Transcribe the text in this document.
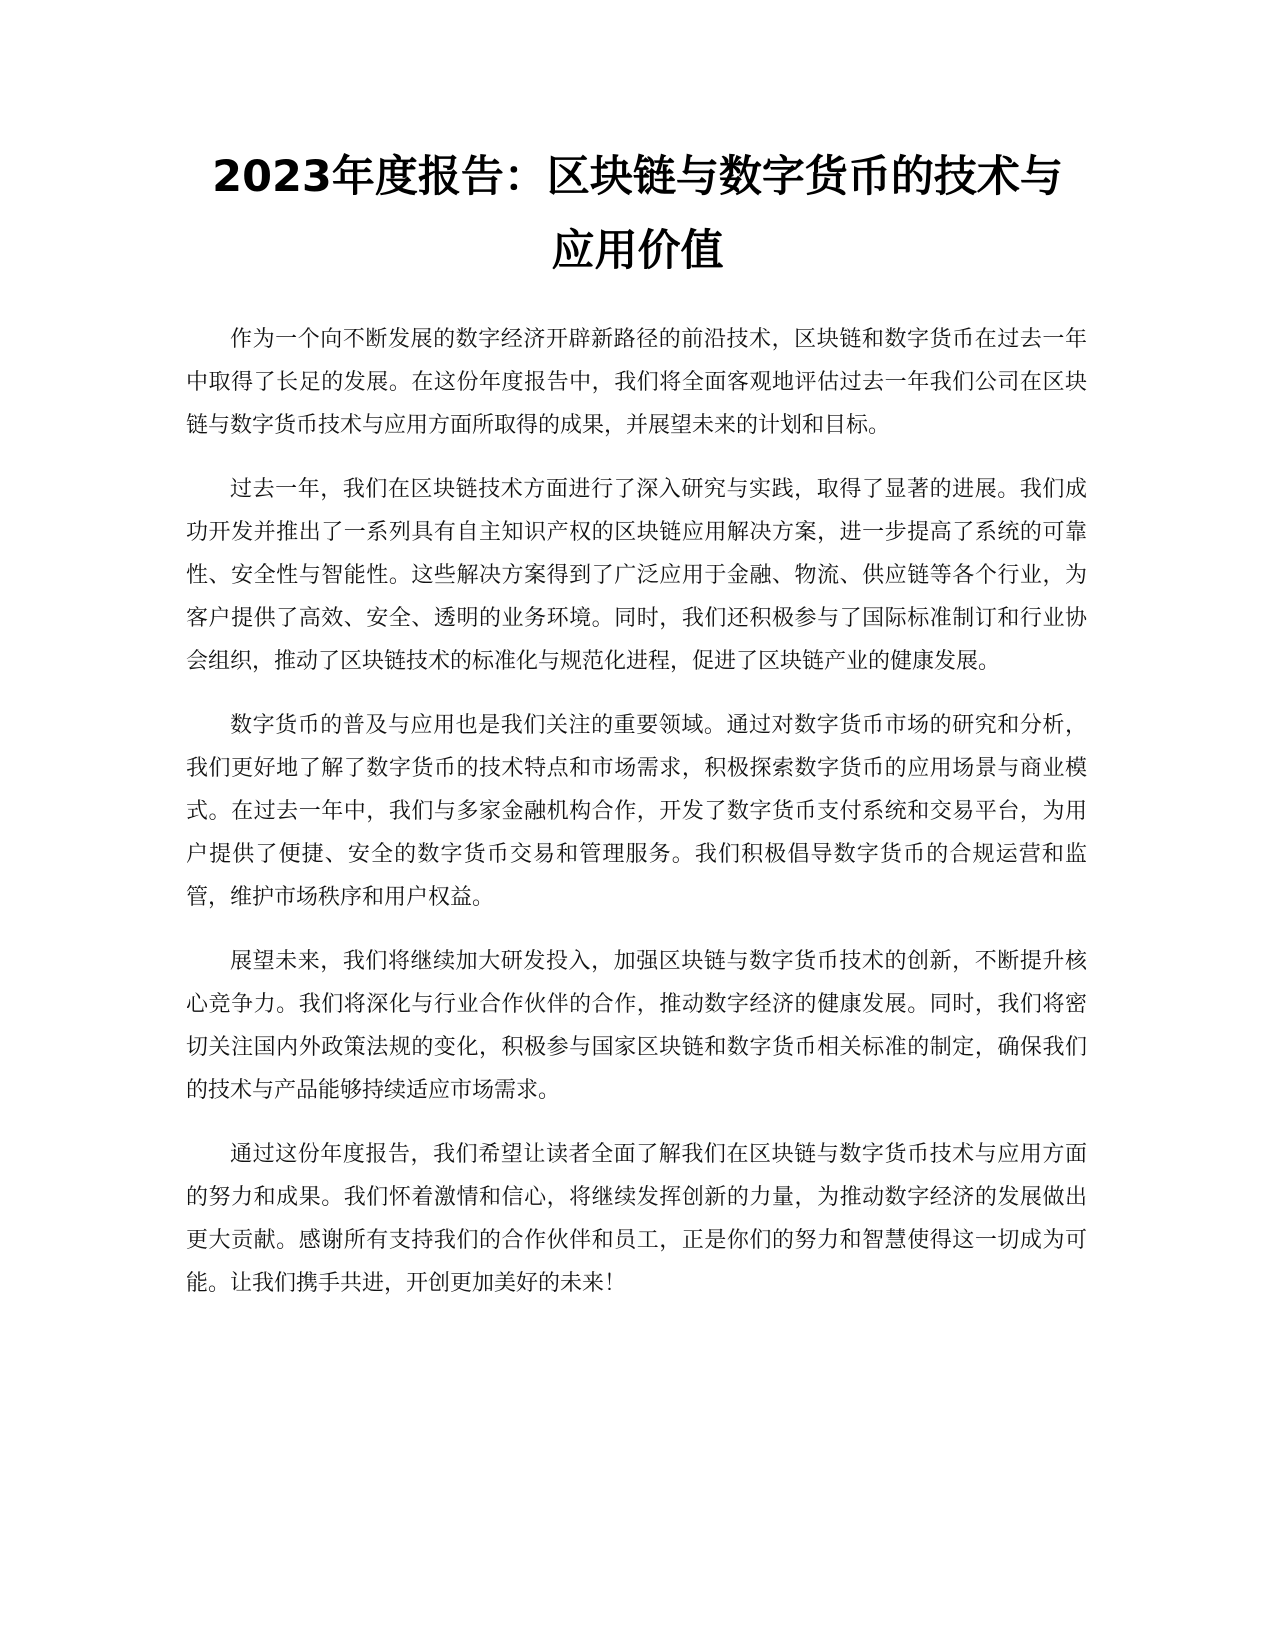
2023年度报告：区块链与数字货币的技术与
应用价值

作为一个向不断发展的数字经济开辟新路径的前沿技术，区块链和数字货币在过去一年中取得了长足的发展。在这份年度报告中，我们将全面客观地评估过去一年我们公司在区块链与数字货币技术与应用方面所取得的成果，并展望未来的计划和目标。

过去一年，我们在区块链技术方面进行了深入研究与实践，取得了显著的进展。我们成功开发并推出了一系列具有自主知识产权的区块链应用解决方案，进一步提高了系统的可靠性、安全性与智能性。这些解决方案得到了广泛应用于金融、物流、供应链等各个行业，为客户提供了高效、安全、透明的业务环境。同时，我们还积极参与了国际标准制订和行业协会组织，推动了区块链技术的标准化与规范化进程，促进了区块链产业的健康发展。

数字货币的普及与应用也是我们关注的重要领域。通过对数字货币市场的研究和分析，我们更好地了解了数字货币的技术特点和市场需求，积极探索数字货币的应用场景与商业模式。在过去一年中，我们与多家金融机构合作，开发了数字货币支付系统和交易平台，为用户提供了便捷、安全的数字货币交易和管理服务。我们积极倡导数字货币的合规运营和监管，维护市场秩序和用户权益。

展望未来，我们将继续加大研发投入，加强区块链与数字货币技术的创新，不断提升核心竞争力。我们将深化与行业合作伙伴的合作，推动数字经济的健康发展。同时，我们将密切关注国内外政策法规的变化，积极参与国家区块链和数字货币相关标准的制定，确保我们的技术与产品能够持续适应市场需求。

通过这份年度报告，我们希望让读者全面了解我们在区块链与数字货币技术与应用方面的努力和成果。我们怀着激情和信心，将继续发挥创新的力量，为推动数字经济的发展做出更大贡献。感谢所有支持我们的合作伙伴和员工，正是你们的努力和智慧使得这一切成为可能。让我们携手共进，开创更加美好的未来！
